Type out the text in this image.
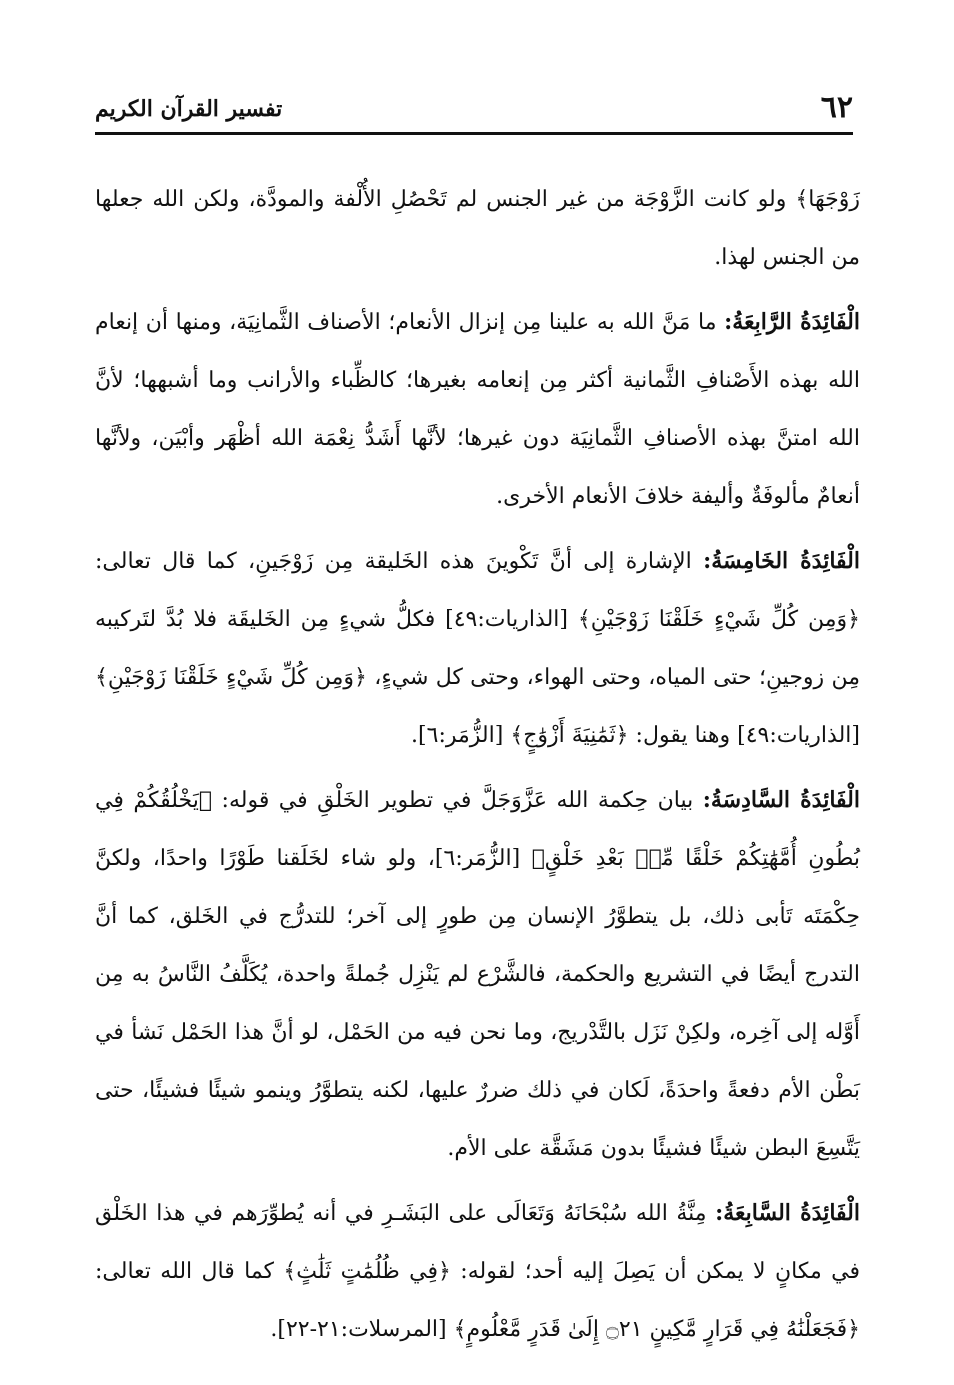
٦٢
تفسير القرآن الكريم

زَوْجَهَا﴾ ولو كانت الزَّوْجَة من غير الجنس لم تَحْصُلِ الأُلْفة والمودَّة، ولكن الله جعلها من الجنس لهذا.

الْفَائِدَةُ الرَّابِعَةُ: ما مَنَّ الله به علينا مِن إنزال الأنعام؛ الأصناف الثَّمانِيَة، ومنها أن إنعام الله بهذه الأَصْنافِ الثَّمانية أكثر مِن إنعامه بغيرها؛ كالظِّباء والأرانب وما أشبهها؛ لأنَّ الله امتنَّ بهذه الأصنافِ الثَّمانِيَة دون غيرها؛ لأنَّها أَشَدُّ نِعْمَة الله أظْهَر وأبْيَن، ولأنَّها أنعامٌ مألوفَةٌ وأليفة خلافَ الأنعام الأخرى.

الْفَائِدَةُ الخَامِسَةُ: الإشارة إلى أنَّ تَكْوينَ هذه الخَليقة مِن زَوْجَينِ، كما قال تعالى: ﴿وَمِن كُلِّ شَيْءٍ خَلَقْنَا زَوْجَيْنِ﴾ [الذاريات:٤٩] فكلُّ شيءٍ مِن الخَليقَة فلا بُدَّ لتَركيبه مِن زوجينِ؛ حتى المياه، وحتى الهواء، وحتى كل شيءٍ، ﴿وَمِن كُلِّ شَيْءٍ خَلَقْنَا زَوْجَيْنِ﴾ [الذاريات:٤٩] وهنا يقول: ﴿ثَمَٰنِيَةَ أَزْوَٰجٍ﴾ [الزُّمَر:٦].

الْفَائِدَةُ السَّادِسَةُ: بيان حِكمة الله عَزَّوَجَلَّ في تطوير الخَلْقِ في قوله: ﴿يَخْلُقُكُمْ فِي بُطُونِ أُمَّهَٰتِكُمْ خَلْقًا مِّنۢ بَعْدِ خَلْقٍ﴾ [الزُّمَر:٦]، ولو شاء لخَلَقنا طَوْرًا واحدًا، ولكنَّ حِكْمَتَه تَأبى ذلك، بل يتطوَّرُ الإنسان مِن طورٍ إلى آخر؛ للتدرُّج في الخَلق، كما أنَّ التدرج أيضًا في التشريع والحكمة، فالشَّرْع لم يَنْزِل جُملةً واحدة، يُكَلَّفُ النَّاسُ به مِن أَوَّله إلى آخِره، ولكِنْ نَزَل بالتَّدْريج، وما نحن فيه من الحَمْل، لو أنَّ هذا الحَمْل نَشأ في بَطْن الأم دفعةً واحدَةً، لَكان في ذلك ضررٌ عليها، لكنه يتطوَّرُ وينمو شيئًا فشيئًا، حتى يَتَّسِعَ البطن شيئًا فشيئًا بدون مَشَقَّة على الأم.

الْفَائِدَةُ السَّابِعَةُ: مِنَّةُ الله سُبْحَانَهُ وَتَعَالَى على البَشَـرِ في أنه يُطوِّرَهم في هذا الخَلْق في مكانٍ لا يمكن أن يَصِلَ إليه أحد؛ لقوله: ﴿فِي ظُلُمَٰتٍ ثَلَٰثٍ﴾ كما قال الله تعالى: ﴿فَجَعَلْنَٰهُ فِي قَرَارٍ مَّكِينٍ ۝٢١ إِلَىٰ قَدَرٍ مَّعْلُومٍ﴾ [المرسلات:٢١-٢٢].
